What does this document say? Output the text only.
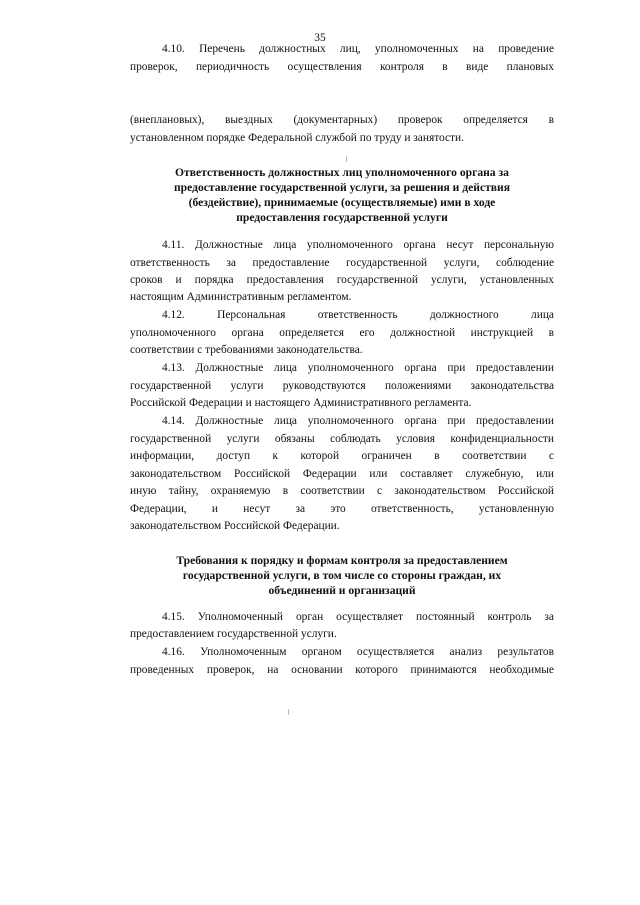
35
4.10. Перечень должностных лиц, уполномоченных на проведение
проверок, периодичность осуществления контроля в виде плановых
(внеплановых), выездных (документарных) проверок определяется в
установленном порядке Федеральной службой по труду и занятости.
Ответственность должностных лиц уполномоченного органа за
предоставление государственной услуги, за решения и действия
(бездействие), принимаемые (осуществляемые) ими в ходе
предоставления государственной услуги
4.11. Должностные лица уполномоченного органа несут персональную
ответственность за предоставление государственной услуги, соблюдение
сроков и порядка предоставления государственной услуги, установленных
настоящим Административным регламентом.
4.12. Персональная ответственность должностного лица
уполномоченного органа определяется его должностной инструкцией в
соответствии с требованиями законодательства.
4.13. Должностные лица уполномоченного органа при предоставлении
государственной услуги руководствуются положениями законодательства
Российской Федерации и настоящего Административного регламента.
4.14. Должностные лица уполномоченного органа при предоставлении
государственной услуги обязаны соблюдать условия конфиденциальности
информации, доступ к которой ограничен в соответствии с
законодательством Российской Федерации или составляет служебную, или
иную тайну, охраняемую в соответствии с законодательством Российской
Федерации, и несут за это ответственность, установленную
законодательством Российской Федерации.
Требования к порядку и формам контроля за предоставлением
государственной услуги, в том числе со стороны граждан, их
объединений и организаций
4.15. Уполномоченный орган осуществляет постоянный контроль за
предоставлением государственной услуги.
4.16. Уполномоченным органом осуществляется анализ результатов
проведенных проверок, на основании которого принимаются необходимые
